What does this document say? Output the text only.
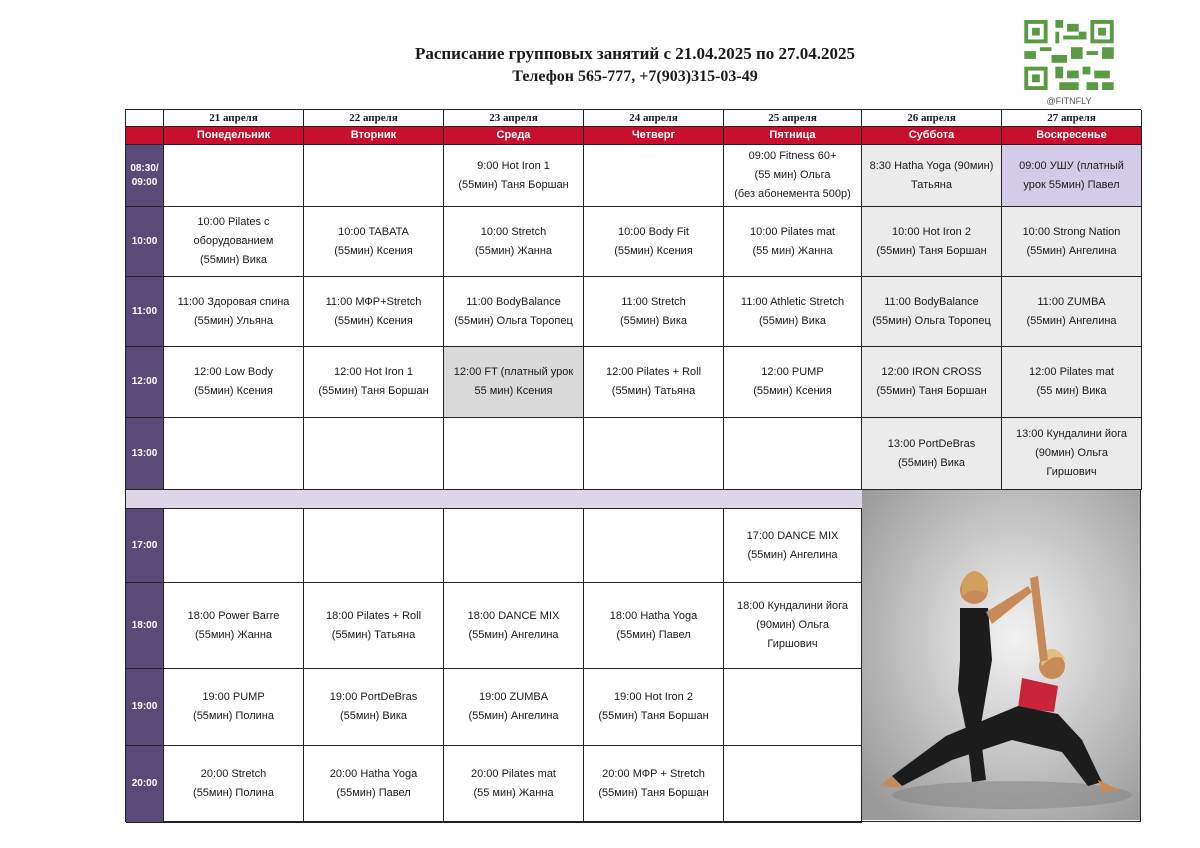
Расписание групповых занятий с 21.04.2025 по 27.04.2025
Телефон 565-777, +7(903)315-03-49
@FITNFLY
21 апреля
Понедельник
22 апреля
Вторник
23 апреля
Среда
24 апреля
Четверг
25 апреля
Пятница
26 апреля
Суббота
27 апреля
Воскресенье
08:30/
09:00
9:00 Hot Iron 1
(55мин) Таня Боршан
09:00 Fitness 60+
(55 мин) Ольга
(без абонемента 500р)
8:30 Hatha Yoga (90мин)
Татьяна
09:00 УШУ (платный
урок 55мин) Павел
10:00
10:00 Pilates с
оборудованием
(55мин) Вика
10:00 TABATA
(55мин) Ксения
10:00 Stretch
(55мин) Жанна
10:00 Body Fit
(55мин) Ксения
10:00 Pilates mat
(55 мин) Жанна
10:00 Hot Iron 2
(55мин) Таня Боршан
10:00 Strong Nation
(55мин) Ангелина
11:00
11:00 Здоровая спина
(55мин) Ульяна
11:00 МФР+Stretch
(55мин) Ксения
11:00 BodyBalance
(55мин) Ольга Торопец
11:00 Stretch
(55мин) Вика
11:00 Athletic Stretch
(55мин) Вика
11:00 BodyBalance
(55мин) Ольга Торопец
11:00 ZUMBA
(55мин) Ангелина
12:00
12:00 Low Body
(55мин) Ксения
12:00 Hot Iron 1
(55мин) Таня Боршан
12:00 FT (платный урок
55 мин) Ксения
12:00 Pilates + Roll
(55мин) Татьяна
12:00 PUMP
(55мин) Ксения
12:00 IRON CROSS
(55мин) Таня Боршан
12:00 Pilates mat
(55 мин) Вика
13:00
13:00 PortDeBras
(55мин) Вика
13:00 Кундалини йога
(90мин) Ольга
Гиршович
17:00
17:00 DANCE MIX
(55мин) Ангелина
18:00
18:00 Power Barre
(55мин) Жанна
18:00 Pilates + Roll
(55мин) Татьяна
18:00 DANCE MIX
(55мин) Ангелина
18:00 Hatha Yoga
(55мин) Павел
18:00 Кундалини йога
(90мин) Ольга
Гиршович
19:00
19:00 PUMP
(55мин) Полина
19:00 PortDeBras
(55мин) Вика
19:00 ZUMBA
(55мин) Ангелина
19:00 Hot Iron 2
(55мин) Таня Боршан
20:00
20:00 Stretch
(55мин) Полина
20:00 Hatha Yoga
(55мин) Павел
20:00 Pilates mat
(55 мин) Жанна
20:00 МФР + Stretch
(55мин) Таня Боршан
